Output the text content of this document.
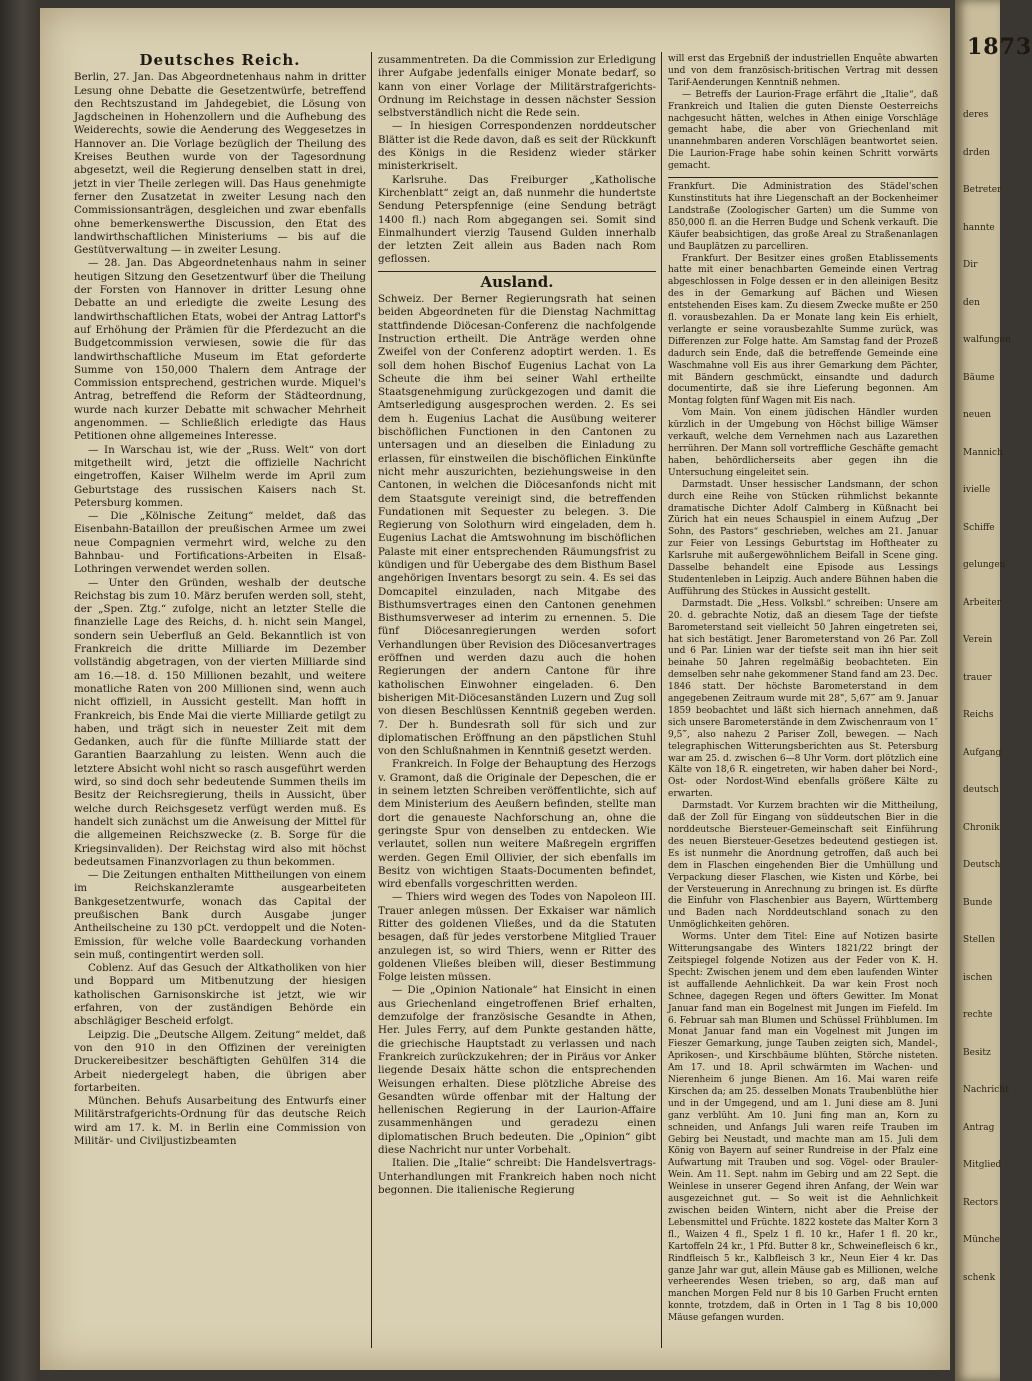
Deutsches Reich.

Berlin, 27. Jan. Das Abgeordnetenhaus nahm in dritter Lesung ohne Debatte die Gesetzentwürfe, betreffend den Rechtszustand im Jahdegebiet, die Lösung von Jagdscheinen in Hohenzollern und die Aufhebung des Weiderechts, sowie die Aenderung des Weggesetzes in Hannover an. Die Vorlage bezüglich der Theilung des Kreises Beuthen wurde von der Tagesordnung abgesetzt, weil die Regierung denselben statt in drei, jetzt in vier Theile zerlegen will. Das Haus genehmigte ferner den Zusatzetat in zweiter Lesung nach den Commissionsanträgen, desgleichen und zwar ebenfalls ohne bemerkenswerthe Discussion, den Etat des landwirthschaftlichen Ministeriums — bis auf die Gestütverwaltung — in zweiter Lesung.

— 28. Jan. Das Abgeordnetenhaus nahm in seiner heutigen Sitzung den Gesetzentwurf über die Theilung der Forsten von Hannover in dritter Lesung ohne Debatte an und erledigte die zweite Lesung des landwirthschaftlichen Etats, wobei der Antrag Lattorf's auf Erhöhung der Prämien für die Pferdezucht an die Budgetcommission verwiesen, sowie die für das landwirthschaftliche Museum im Etat geforderte Summe von 150,000 Thalern dem Antrage der Commission entsprechend, gestrichen wurde. Miquel's Antrag, betreffend die Reform der Städteordnung, wurde nach kurzer Debatte mit schwacher Mehrheit angenommen. — Schließlich erledigte das Haus Petitionen ohne allgemeines Interesse.

— In Warschau ist, wie der „Russ. Welt“ von dort mitgetheilt wird, jetzt die offizielle Nachricht eingetroffen, Kaiser Wilhelm werde im April zum Geburtstage des russischen Kaisers nach St. Petersburg kommen.

— Die „Kölnische Zeitung“ meldet, daß das Eisenbahn-Bataillon der preußischen Armee um zwei neue Compagnien vermehrt wird, welche zu den Bahnbau- und Fortifications-Arbeiten in Elsaß-Lothringen verwendet werden sollen.

— Unter den Gründen, weshalb der deutsche Reichstag bis zum 10. März berufen werden soll, steht, der „Spen. Ztg.“ zufolge, nicht an letzter Stelle die finanzielle Lage des Reichs, d. h. nicht sein Mangel, sondern sein Ueberfluß an Geld. Bekanntlich ist von Frankreich die dritte Milliarde im Dezember vollständig abgetragen, von der vierten Milliarde sind am 16.—18. d. 150 Millionen bezahlt, und weitere monatliche Raten von 200 Millionen sind, wenn auch nicht offiziell, in Aussicht gestellt. Man hofft in Frankreich, bis Ende Mai die vierte Milliarde getilgt zu haben, und trägt sich in neuester Zeit mit dem Gedanken, auch für die fünfte Milliarde statt der Garantien Baarzahlung zu leisten. Wenn auch die letztere Absicht wohl nicht so rasch ausgeführt werden wird, so sind doch sehr bedeutende Summen theils im Besitz der Reichsregierung, theils in Aussicht, über welche durch Reichsgesetz verfügt werden muß. Es handelt sich zunächst um die Anweisung der Mittel für die allgemeinen Reichszwecke (z. B. Sorge für die Kriegsinvaliden). Der Reichstag wird also mit höchst bedeutsamen Finanzvorlagen zu thun bekommen.

— Die Zeitungen enthalten Mittheilungen von einem im Reichskanzleramte ausgearbeiteten Bankgesetzentwurfe, wonach das Capital der preußischen Bank durch Ausgabe junger Antheilscheine zu 130 pCt. verdoppelt und die Noten-Emission, für welche volle Baardeckung vorhanden sein muß, contingentirt werden soll.

Coblenz. Auf das Gesuch der Altkatholiken von hier und Boppard um Mitbenutzung der hiesigen katholischen Garnisonskirche ist jetzt, wie wir erfahren, von der zuständigen Behörde ein abschlägiger Bescheid erfolgt.

Leipzig. Die „Deutsche Allgem. Zeitung“ meldet, daß von den 910 in den Offizinen der vereinigten Druckereibesitzer beschäftigten Gehülfen 314 die Arbeit niedergelegt haben, die übrigen aber fortarbeiten.

München. Behufs Ausarbeitung des Entwurfs einer Militärstrafgerichts-Ordnung für das deutsche Reich wird am 17. k. M. in Berlin eine Commission von Militär- und Civiljustizbeamten

zusammentreten. Da die Commission zur Erledigung ihrer Aufgabe jedenfalls einiger Monate bedarf, so kann von einer Vorlage der Militärstrafgerichts-Ordnung im Reichstage in dessen nächster Session selbstverständlich nicht die Rede sein.

— In hiesigen Correspondenzen norddeutscher Blätter ist die Rede davon, daß es seit der Rückkunft des Königs in die Residenz wieder stärker ministerkriselt.

Karlsruhe. Das Freiburger „Katholische Kirchenblatt“ zeigt an, daß nunmehr die hundertste Sendung Peterspfennige (eine Sendung beträgt 1400 fl.) nach Rom abgegangen sei. Somit sind Einmalhundert vierzig Tausend Gulden innerhalb der letzten Zeit allein aus Baden nach Rom geflossen.

Ausland.

Schweiz. Der Berner Regierungsrath hat seinen beiden Abgeordneten für die Dienstag Nachmittag stattfindende Diöcesan-Conferenz die nachfolgende Instruction ertheilt. Die Anträge werden ohne Zweifel von der Conferenz adoptirt werden. 1. Es soll dem hohen Bischof Eugenius Lachat von La Scheute die ihm bei seiner Wahl ertheilte Staatsgenehmigung zurückgezogen und damit die Amtserledigung ausgesprochen werden. 2. Es sei dem h. Eugenius Lachat die Ausübung weiterer bischöflichen Functionen in den Cantonen zu untersagen und an dieselben die Einladung zu erlassen, für einstweilen die bischöflichen Einkünfte nicht mehr auszurichten, beziehungsweise in den Cantonen, in welchen die Diöcesanfonds nicht mit dem Staatsgute vereinigt sind, die betreffenden Fundationen mit Sequester zu belegen. 3. Die Regierung von Solothurn wird eingeladen, dem h. Eugenius Lachat die Amtswohnung im bischöflichen Palaste mit einer entsprechenden Räumungsfrist zu kündigen und für Uebergabe des dem Bisthum Basel angehörigen Inventars besorgt zu sein. 4. Es sei das Domcapitel einzuladen, nach Mitgabe des Bisthumsvertrages einen den Cantonen genehmen Bisthumsverweser ad interim zu ernennen. 5. Die fünf Diöcesanregierungen werden sofort Verhandlungen über Revision des Diöcesanvertrages eröffnen und werden dazu auch die hohen Regierungen der andern Cantone für ihre katholischen Einwohner eingeladen. 6. Den bisherigen Mit-Diöcesanständen Luzern und Zug soll von diesen Beschlüssen Kenntniß gegeben werden. 7. Der h. Bundesrath soll für sich und zur diplomatischen Eröffnung an den päpstlichen Stuhl von den Schlußnahmen in Kenntniß gesetzt werden.

Frankreich. In Folge der Behauptung des Herzogs v. Gramont, daß die Originale der Depeschen, die er in seinem letzten Schreiben veröffentlichte, sich auf dem Ministerium des Aeußern befinden, stellte man dort die genaueste Nachforschung an, ohne die geringste Spur von denselben zu entdecken. Wie verlautet, sollen nun weitere Maßregeln ergriffen werden. Gegen Emil Ollivier, der sich ebenfalls im Besitz von wichtigen Staats-Documenten befindet, wird ebenfalls vorgeschritten werden.

— Thiers wird wegen des Todes von Napoleon III. Trauer anlegen müssen. Der Exkaiser war nämlich Ritter des goldenen Vließes, und da die Statuten besagen, daß für jedes verstorbene Mitglied Trauer anzulegen ist, so wird Thiers, wenn er Ritter des goldenen Vließes bleiben will, dieser Bestimmung Folge leisten müssen.

— Die „Opinion Nationale“ hat Einsicht in einen aus Griechenland eingetroffenen Brief erhalten, demzufolge der französische Gesandte in Athen, Her. Jules Ferry, auf dem Punkte gestanden hätte, die griechische Hauptstadt zu verlassen und nach Frankreich zurückzukehren; der in Piräus vor Anker liegende Desaix hätte schon die entsprechenden Weisungen erhalten. Diese plötzliche Abreise des Gesandten würde offenbar mit der Haltung der hellenischen Regierung in der Laurion-Affaire zusammenhängen und geradezu einen diplomatischen Bruch bedeuten. Die „Opinion“ gibt diese Nachricht nur unter Vorbehalt.

Italien. Die „Italie“ schreibt: Die Handelsvertrags-Unterhandlungen mit Frankreich haben noch nicht begonnen. Die italienische Regierung

will erst das Ergebniß der industriellen Enquête abwarten und von dem französisch-britischen Vertrag mit dessen Tarif-Aenderungen Kenntniß nehmen.

— Betreffs der Laurion-Frage erfährt die „Italie“, daß Frankreich und Italien die guten Dienste Oesterreichs nachgesucht hätten, welches in Athen einige Vorschläge gemacht habe, die aber von Griechenland mit unannehmbaren anderen Vorschlägen beantwortet seien. Die Laurion-Frage habe sohin keinen Schritt vorwärts gemacht.

Frankfurt. Die Administration des Städel'schen Kunstinstituts hat ihre Liegenschaft an der Bockenheimer Landstraße (Zoologischer Garten) um die Summe von 850,000 fl. an die Herren Budge und Schenk verkauft. Die Käufer beabsichtigen, das große Areal zu Straßenanlagen und Bauplätzen zu parcelliren.

Frankfurt. Der Besitzer eines großen Etablissements hatte mit einer benachbarten Gemeinde einen Vertrag abgeschlossen in Folge dessen er in den alleinigen Besitz des in der Gemarkung auf Bächen und Wiesen entstehenden Eises kam. Zu diesem Zwecke mußte er 250 fl. vorausbezahlen. Da er Monate lang kein Eis erhielt, verlangte er seine vorausbezahlte Summe zurück, was Differenzen zur Folge hatte. Am Samstag fand der Prozeß dadurch sein Ende, daß die betreffende Gemeinde eine Waschmahne voll Eis aus ihrer Gemarkung dem Pächter, mit Bändern geschmückt, einsandte und dadurch documentirte, daß sie ihre Lieferung begonnen. Am Montag folgten fünf Wagen mit Eis nach.

Vom Main. Von einem jüdischen Händler wurden kürzlich in der Umgebung von Höchst billige Wämser verkauft, welche dem Vernehmen nach aus Lazarethen herrühren. Der Mann soll vortreffliche Geschäfte gemacht haben, behördlicherseits aber gegen ihn die Untersuchung eingeleitet sein.

Darmstadt. Unser hessischer Landsmann, der schon durch eine Reihe von Stücken rühmlichst bekannte dramatische Dichter Adolf Calmberg in Küßnacht bei Zürich hat ein neues Schauspiel in einem Aufzug „Der Sohn, des Pastors“ geschrieben, welches am 21. Januar zur Feier von Lessings Geburtstag im Hoftheater zu Karlsruhe mit außergewöhnlichem Beifall in Scene ging. Dasselbe behandelt eine Episode aus Lessings Studentenleben in Leipzig. Auch andere Bühnen haben die Aufführung des Stückes in Aussicht gestellt.

Darmstadt. Die „Hess. Volksbl.“ schreiben: Unsere am 20. d. gebrachte Notiz, daß an diesem Tage der tiefste Barometerstand seit vielleicht 50 Jahren eingetreten sei, hat sich bestätigt. Jener Barometerstand von 26 Par. Zoll und 6 Par. Linien war der tiefste seit man ihn hier seit beinahe 50 Jahren regelmäßig beobachteten. Ein demselben sehr nahe gekommener Stand fand am 23. Dec. 1846 statt. Der höchste Barometerstand in dem angegebenen Zeitraum wurde mit 28‟, 5,67‴ am 9. Januar 1859 beobachtet und läßt sich hiernach annehmen, daß sich unsere Barometerstände in dem Zwischenraum von 1″ 9,5‴, also nahezu 2 Pariser Zoll, bewegen. — Nach telegraphischen Witterungsberichten aus St. Petersburg war am 25. d. zwischen 6—8 Uhr Vorm. dort plötzlich eine Kälte von 18,6 R. eingetreten, wir haben daher bei Nord-, Ost- oder Nordost-Wind ebenfalls größere Kälte zu erwarten.

Darmstadt. Vor Kurzem brachten wir die Mittheilung, daß der Zoll für Eingang von süddeutschen Bier in die norddeutsche Biersteuer-Gemeinschaft seit Einführung des neuen Biersteuer-Gesetzes bedeutend gestiegen ist. Es ist nunmehr die Anordnung getroffen, daß auch bei dem in Flaschen eingehenden Bier die Umhüllung und Verpackung dieser Flaschen, wie Kisten und Körbe, bei der Versteuerung in Anrechnung zu bringen ist. Es dürfte die Einfuhr von Flaschenbier aus Bayern, Württemberg und Baden nach Norddeutschland sonach zu den Unmöglichkeiten gehören.

Worms. Unter dem Titel: Eine auf Notizen basirte Witterungsangabe des Winters 1821/22 bringt der Zeitspiegel folgende Notizen aus der Feder von K. H. Specht: Zwischen jenem und dem eben laufenden Winter ist auffallende Aehnlichkeit. Da war kein Frost noch Schnee, dagegen Regen und öfters Gewitter. Im Monat Januar fand man ein Bogelnest mit Jungen im Fiefeld. Im 6. Februar sah man Blumen und Schüssel Frühblumen. Im Monat Januar fand man ein Vogelnest mit Jungen im Fieszer Gemarkung, junge Tauben zeigten sich, Mandel-, Aprikosen-, und Kirschbäume blühten, Störche nisteten. Am 17. und 18. April schwärmten im Wachen- und Nierenheim 6 junge Bienen. Am 16. Mai waren reife Kirschen da; am 25. desselben Monats Traubenblüthe hier und in der Umgegend, und am 1. Juni diese am 8. Juni ganz verblüht. Am 10. Juni fing man an, Korn zu schneiden, und Anfangs Juli waren reife Trauben im Gebirg bei Neustadt, und machte man am 15. Juli dem König von Bayern auf seiner Rundreise in der Pfalz eine Aufwartung mit Trauben und sog. Vögel- oder Brauler-Wein. Am 11. Sept. nahm im Gebirg und am 22 Sept. die Weinlese in unserer Gegend ihren Anfang, der Wein war ausgezeichnet gut. — So weit ist die Aehnlichkeit zwischen beiden Wintern, nicht aber die Preise der Lebensmittel und Früchte. 1822 kostete das Malter Korn 3 fl., Waizen 4 fl., Spelz 1 fl. 10 kr., Hafer 1 fl. 20 kr., Kartoffeln 24 kr., 1 Pfd. Butter 8 kr., Schweinefleisch 6 kr., Rindfleisch 5 kr., Kalbfleisch 3 kr., Neun Eier 4 kr. Das ganze Jahr war gut, allein Mäuse gab es Millionen, welche verheerendes Wesen trieben, so arg, daß man auf manchen Morgen Feld nur 8 bis 10 Garben Frucht ernten konnte, trotzdem, daß in Orten in 1 Tag 8 bis 10,000 Mäuse gefangen wurden.

1873
deres
drden
Betreter
hannte
Dir
den
walfungen
Bäume
neuen
Mannich
ivielle
Schiffe
gelungen
Arbeiter
Verein
trauer
Reichs
Aufgang
deutsch
Chronik
Deutsch
Bunde
Stellen
ischen
rechte
Besitz
Nachricht
Antrag
Mitglied
Rectors
Münche
schenk
